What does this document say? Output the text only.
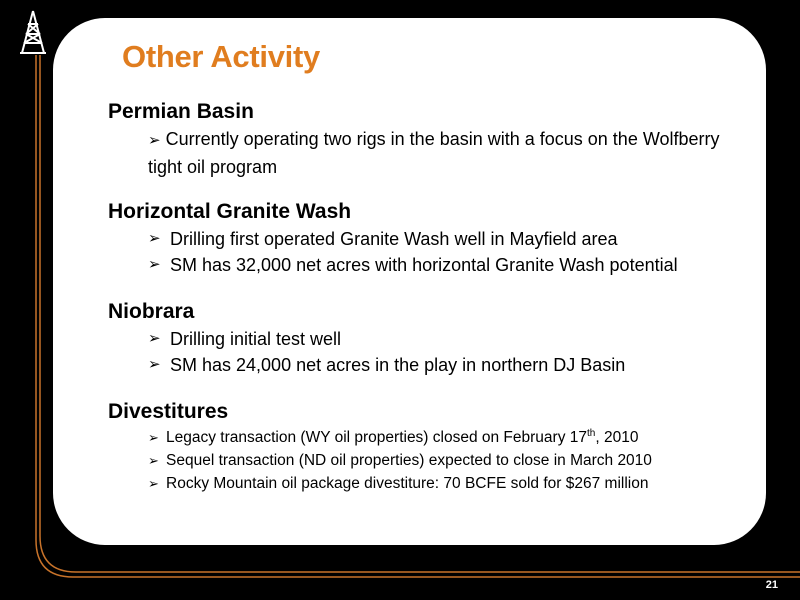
Other Activity
Permian Basin
➢ Currently operating two rigs in the basin with a focus on the Wolfberry tight oil program
Horizontal Granite Wash
➢ Drilling first operated Granite Wash well in Mayfield area
➢ SM has 32,000 net acres with horizontal Granite Wash potential
Niobrara
➢ Drilling initial test well
➢ SM has 24,000 net acres in the play in northern DJ Basin
Divestitures
➢ Legacy transaction (WY oil properties) closed on February 17th, 2010
➢ Sequel transaction (ND oil properties) expected to close in March 2010
➢ Rocky Mountain oil package divestiture: 70 BCFE sold for $267 million
21
